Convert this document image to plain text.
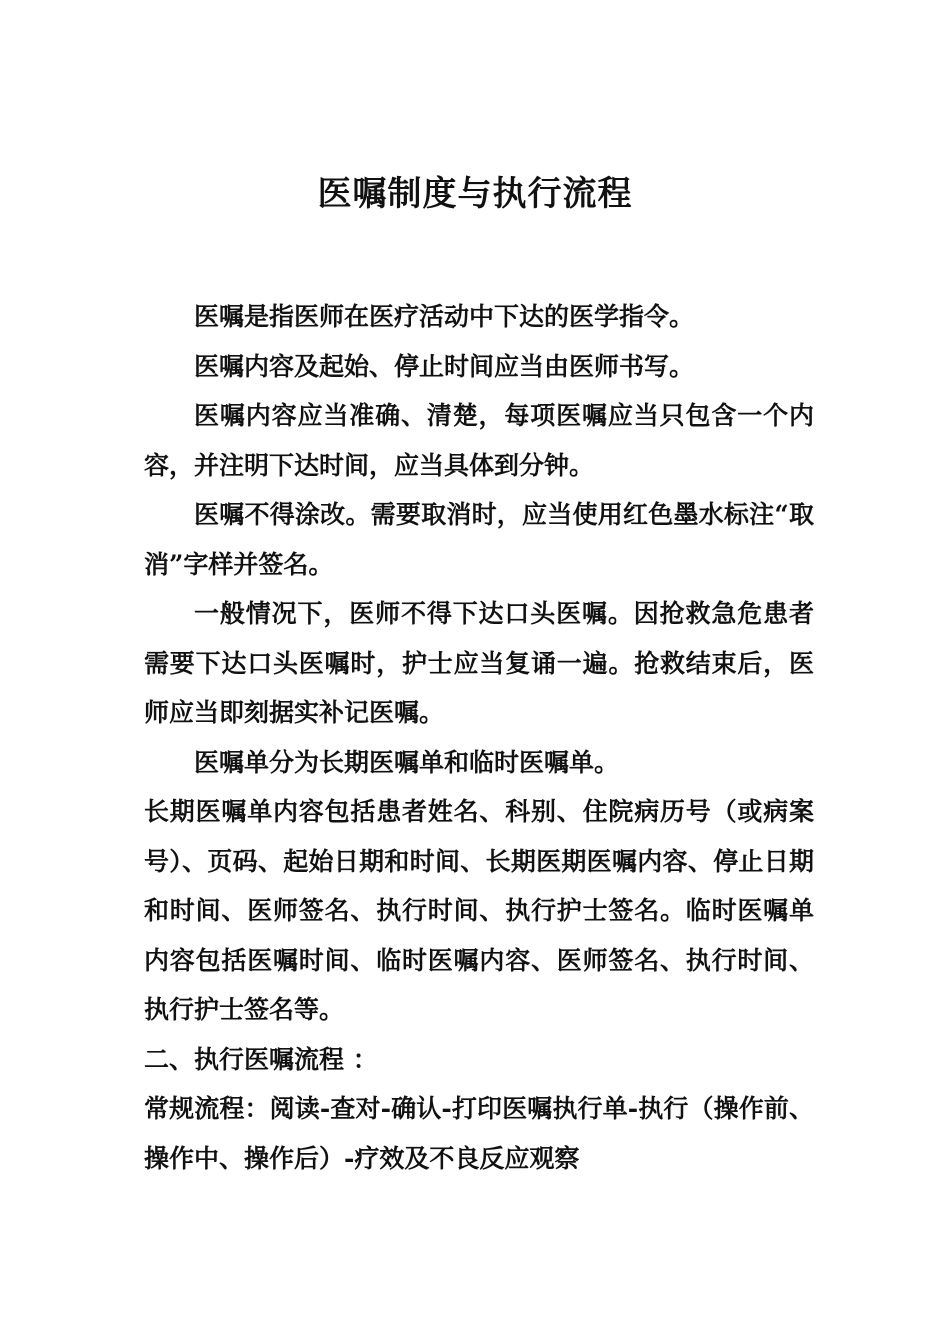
医嘱制度与执行流程

医嘱是指医师在医疗活动中下达的医学指令。

医嘱内容及起始、停止时间应当由医师书写。

医嘱内容应当准确、清楚，每项医嘱应当只包含一个内容，并注明下达时间，应当具体到分钟。

医嘱不得涂改。需要取消时，应当使用红色墨水标注“取消”字样并签名。

一般情况下，医师不得下达口头医嘱。因抢救急危患者需要下达口头医嘱时，护士应当复诵一遍。抢救结束后，医师应当即刻据实补记医嘱。

医嘱单分为长期医嘱单和临时医嘱单。

长期医嘱单内容包括患者姓名、科别、住院病历号（或病案号）、页码、起始日期和时间、长期医期医嘱内容、停止日期和时间、医师签名、执行时间、执行护士签名。临时医嘱单内容包括医嘱时间、临时医嘱内容、医师签名、执行时间、执行护士签名等。

二、执行医嘱流程 ：

常规流程：阅读-查对-确认-打印医嘱执行单-执行（操作前、操作中、操作后）-疗效及不良反应观察
